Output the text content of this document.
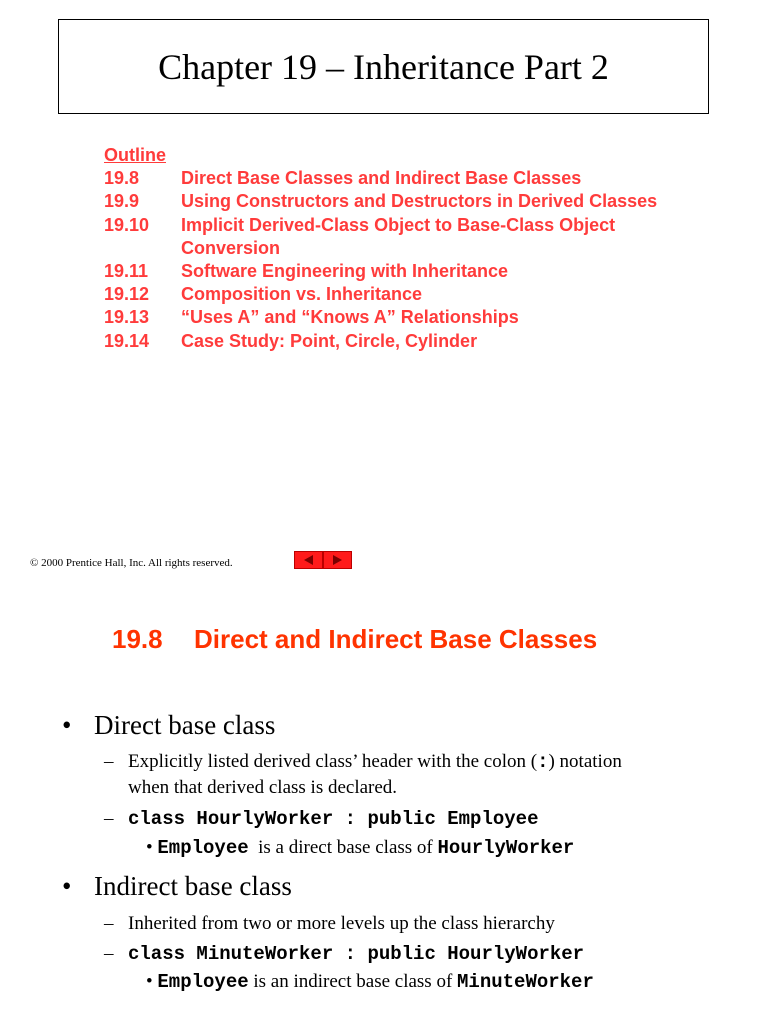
Chapter 19 – Inheritance Part 2
Outline
19.8	Direct Base Classes and Indirect Base Classes
19.9	Using Constructors and Destructors in Derived Classes
19.10	Implicit Derived-Class Object to Base-Class Object Conversion
19.11	Software Engineering with Inheritance
19.12	Composition vs. Inheritance
19.13	“Uses A” and “Knows A” Relationships
19.14	Case Study: Point, Circle, Cylinder
© 2000 Prentice Hall, Inc. All rights reserved.
19.8 Direct and Indirect Base Classes
• Direct base class
– Explicitly listed derived class’ header with the colon (:) notation
when that derived class is declared.
– class HourlyWorker : public Employee
• Employee is a direct base class of HourlyWorker
• Indirect base class
– Inherited from two or more levels up the class hierarchy
– class MinuteWorker : public HourlyWorker
• Employee is an indirect base class of MinuteWorker
